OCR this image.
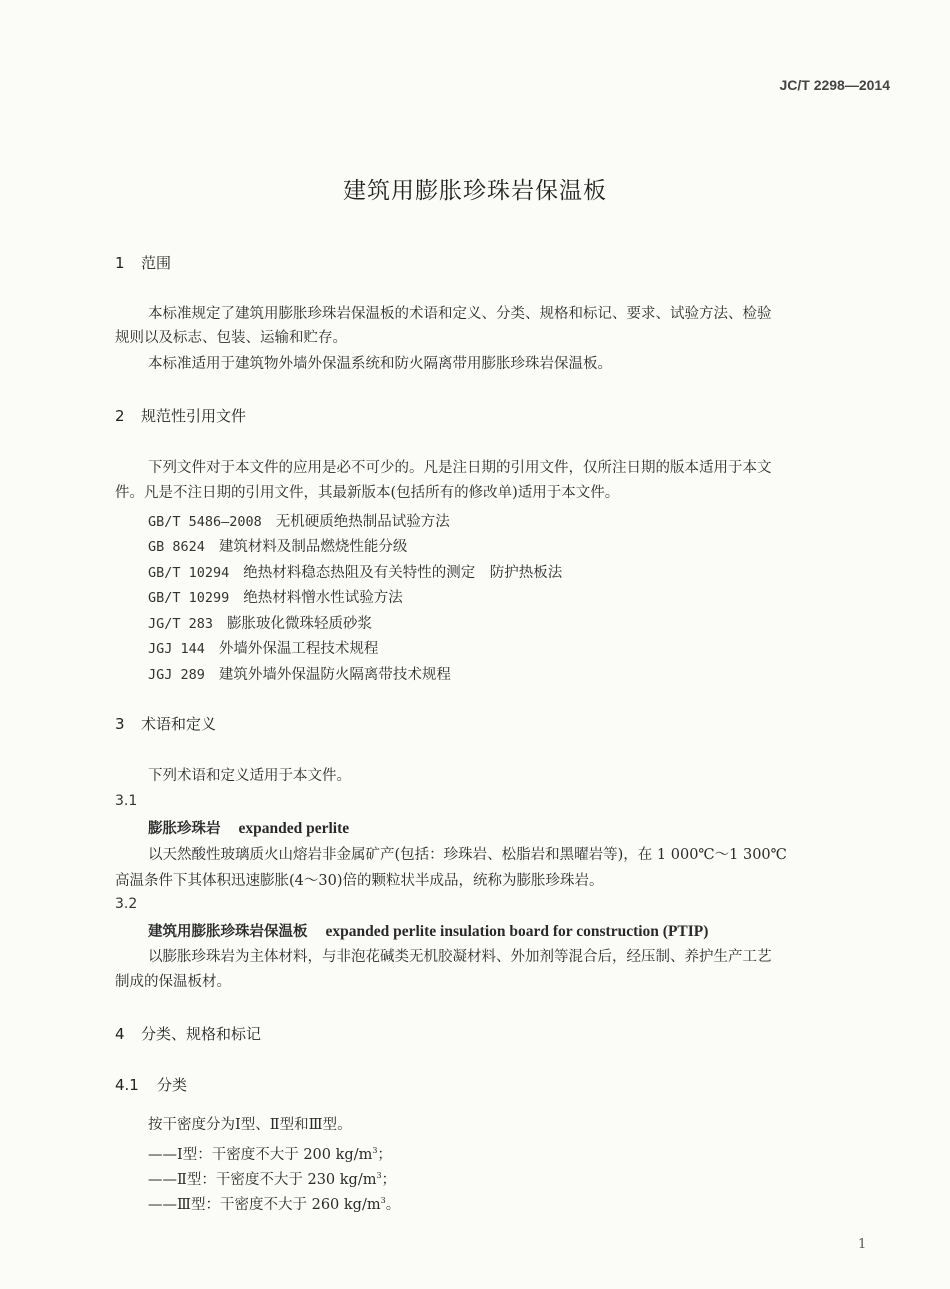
JC/T 2298—2014
建筑用膨胀珍珠岩保温板
1 范围
本标准规定了建筑用膨胀珍珠岩保温板的术语和定义、分类、规格和标记、要求、试验方法、检验
规则以及标志、包装、运输和贮存。
本标准适用于建筑物外墙外保温系统和防火隔离带用膨胀珍珠岩保温板。
2 规范性引用文件
下列文件对于本文件的应用是必不可少的。凡是注日期的引用文件，仅所注日期的版本适用于本文
件。凡是不注日期的引用文件，其最新版本(包括所有的修改单)适用于本文件。
GB/T 5486—2008 无机硬质绝热制品试验方法
GB 8624 建筑材料及制品燃烧性能分级
GB/T 10294 绝热材料稳态热阻及有关特性的测定　防护热板法
GB/T 10299 绝热材料憎水性试验方法
JG/T 283 膨胀玻化微珠轻质砂浆
JGJ 144 外墙外保温工程技术规程
JGJ 289 建筑外墙外保温防火隔离带技术规程
3 术语和定义
下列术语和定义适用于本文件。
3.1
膨胀珍珠岩 expanded perlite
以天然酸性玻璃质火山熔岩非金属矿产(包括：珍珠岩、松脂岩和黑曜岩等)，在 1 000℃～1 300℃
高温条件下其体积迅速膨胀(4～30)倍的颗粒状半成品，统称为膨胀珍珠岩。
3.2
建筑用膨胀珍珠岩保温板 expanded perlite insulation board for construction (PTIP)
以膨胀珍珠岩为主体材料，与非泡花碱类无机胶凝材料、外加剂等混合后，经压制、养护生产工艺
制成的保温板材。
4 分类、规格和标记
4.1 分类
按干密度分为Ⅰ型、Ⅱ型和Ⅲ型。
——Ⅰ型：干密度不大于 200 $kg/m^3$；
——Ⅱ型：干密度不大于 230 $kg/m^3$；
——Ⅲ型：干密度不大于 260 $kg/m^3$。
1
